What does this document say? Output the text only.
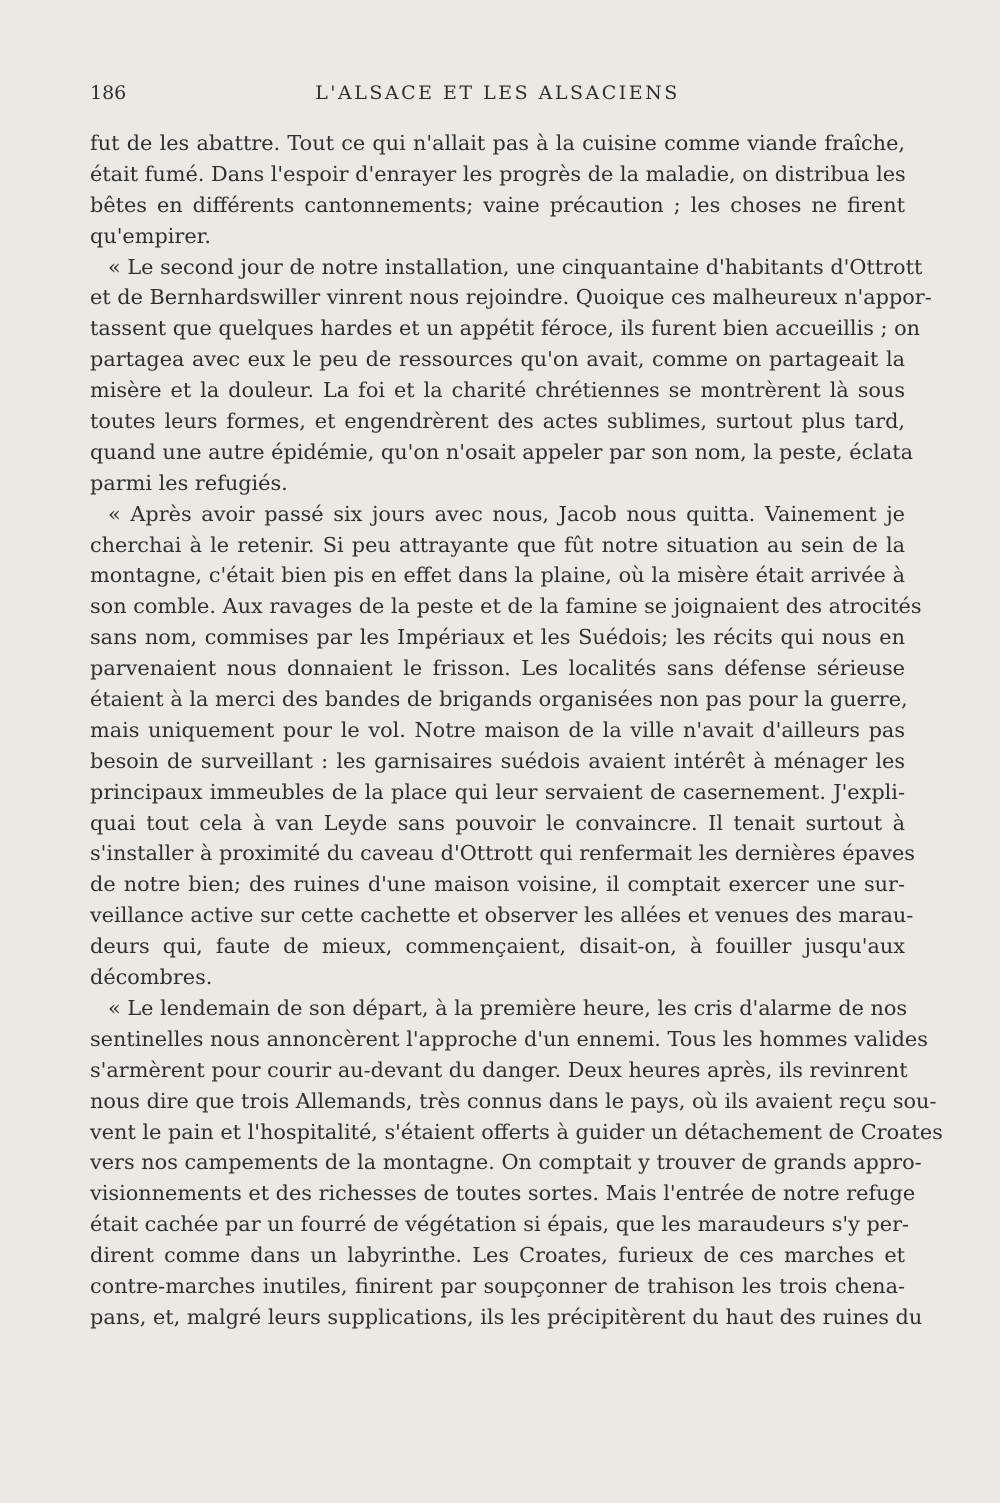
186	L'ALSACE ET LES ALSACIENS
fut de les abattre. Tout ce qui n'allait pas à la cuisine comme viande fraîche,
était fumé. Dans l'espoir d'enrayer les progrès de la maladie, on distribua les
bêtes en différents cantonnements; vaine précaution ; les choses ne firent
qu'empirer.
« Le second jour de notre installation, une cinquantaine d'habitants d'Ottrott
et de Bernhardswiller vinrent nous rejoindre. Quoique ces malheureux n'appor-
tassent que quelques hardes et un appétit féroce, ils furent bien accueillis ; on
partagea avec eux le peu de ressources qu'on avait, comme on partageait la
misère et la douleur. La foi et la charité chrétiennes se montrèrent là sous
toutes leurs formes, et engendrèrent des actes sublimes, surtout plus tard,
quand une autre épidémie, qu'on n'osait appeler par son nom, la peste, éclata
parmi les refugiés.
« Après avoir passé six jours avec nous, Jacob nous quitta. Vainement je
cherchai à le retenir. Si peu attrayante que fût notre situation au sein de la
montagne, c'était bien pis en effet dans la plaine, où la misère était arrivée à
son comble. Aux ravages de la peste et de la famine se joignaient des atrocités
sans nom, commises par les Impériaux et les Suédois; les récits qui nous en
parvenaient nous donnaient le frisson. Les localités sans défense sérieuse
étaient à la merci des bandes de brigands organisées non pas pour la guerre,
mais uniquement pour le vol. Notre maison de la ville n'avait d'ailleurs pas
besoin de surveillant : les garnisaires suédois avaient intérêt à ménager les
principaux immeubles de la place qui leur servaient de casernement. J'expli-
quai tout cela à van Leyde sans pouvoir le convaincre. Il tenait surtout à
s'installer à proximité du caveau d'Ottrott qui renfermait les dernières épaves
de notre bien; des ruines d'une maison voisine, il comptait exercer une sur-
veillance active sur cette cachette et observer les allées et venues des marau-
deurs qui, faute de mieux, commençaient, disait-on, à fouiller jusqu'aux
décombres.
« Le lendemain de son départ, à la première heure, les cris d'alarme de nos
sentinelles nous annoncèrent l'approche d'un ennemi. Tous les hommes valides
s'armèrent pour courir au-devant du danger. Deux heures après, ils revinrent
nous dire que trois Allemands, très connus dans le pays, où ils avaient reçu sou-
vent le pain et l'hospitalité, s'étaient offerts à guider un détachement de Croates
vers nos campements de la montagne. On comptait y trouver de grands appro-
visionnements et des richesses de toutes sortes. Mais l'entrée de notre refuge
était cachée par un fourré de végétation si épais, que les maraudeurs s'y per-
dirent comme dans un labyrinthe. Les Croates, furieux de ces marches et
contre-marches inutiles, finirent par soupçonner de trahison les trois chena-
pans, et, malgré leurs supplications, ils les précipitèrent du haut des ruines du
